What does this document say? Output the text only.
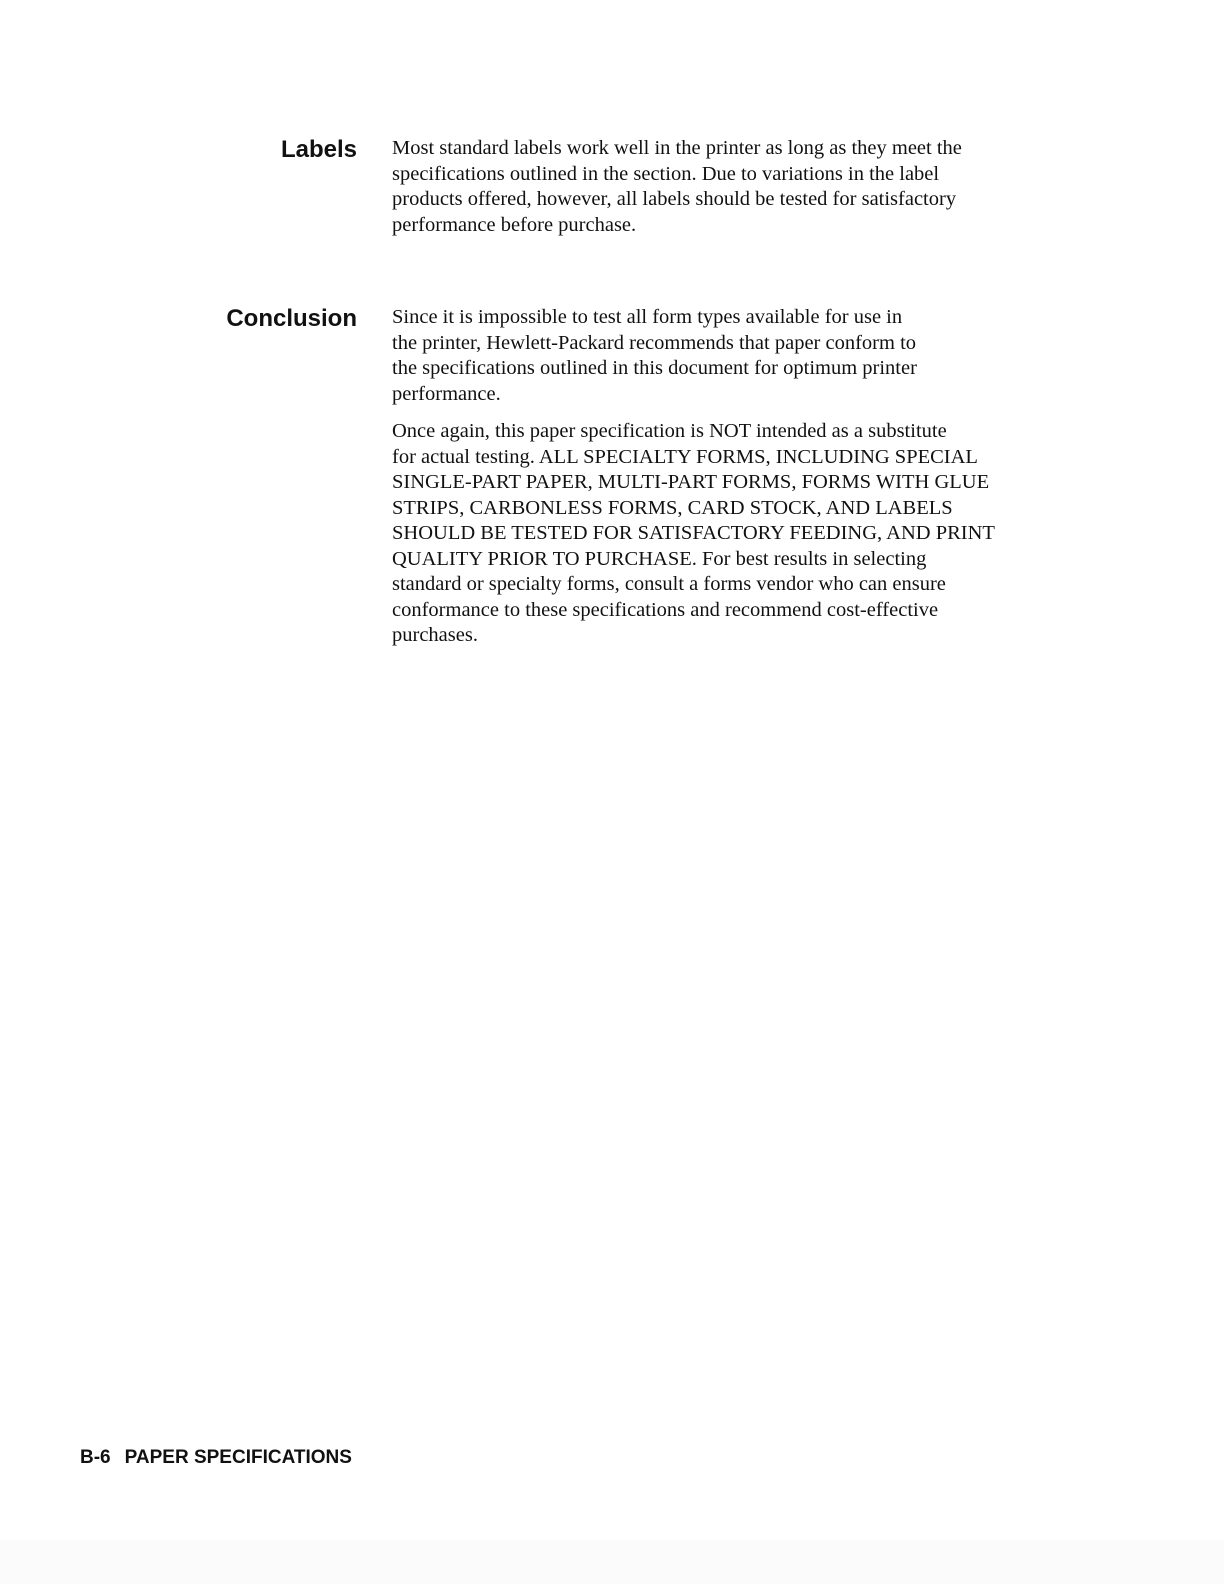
Labels Most standard labels work well in the printer as long as they meet the
specifications outlined in the section. Due to variations in the label
products offered, however, all labels should be tested for satisfactory
performance before purchase.

Conclusion Since it is impossible to test all form types available for use in
the printer, Hewlett-Packard recommends that paper conform to
the specifications outlined in this document for optimum printer
performance.

Once again, this paper specification is NOT intended as a substitute
for actual testing. ALL SPECIALTY FORMS, INCLUDING SPECIAL
SINGLE-PART PAPER, MULTI-PART FORMS, FORMS WITH GLUE
STRIPS, CARBONLESS FORMS, CARD STOCK, AND LABELS
SHOULD BE TESTED FOR SATISFACTORY FEEDING, AND PRINT
QUALITY PRIOR TO PURCHASE. For best results in selecting
standard or specialty forms, consult a forms vendor who can ensure
conformance to these specifications and recommend cost-effective
purchases.

B-6 PAPER SPECIFICATIONS
